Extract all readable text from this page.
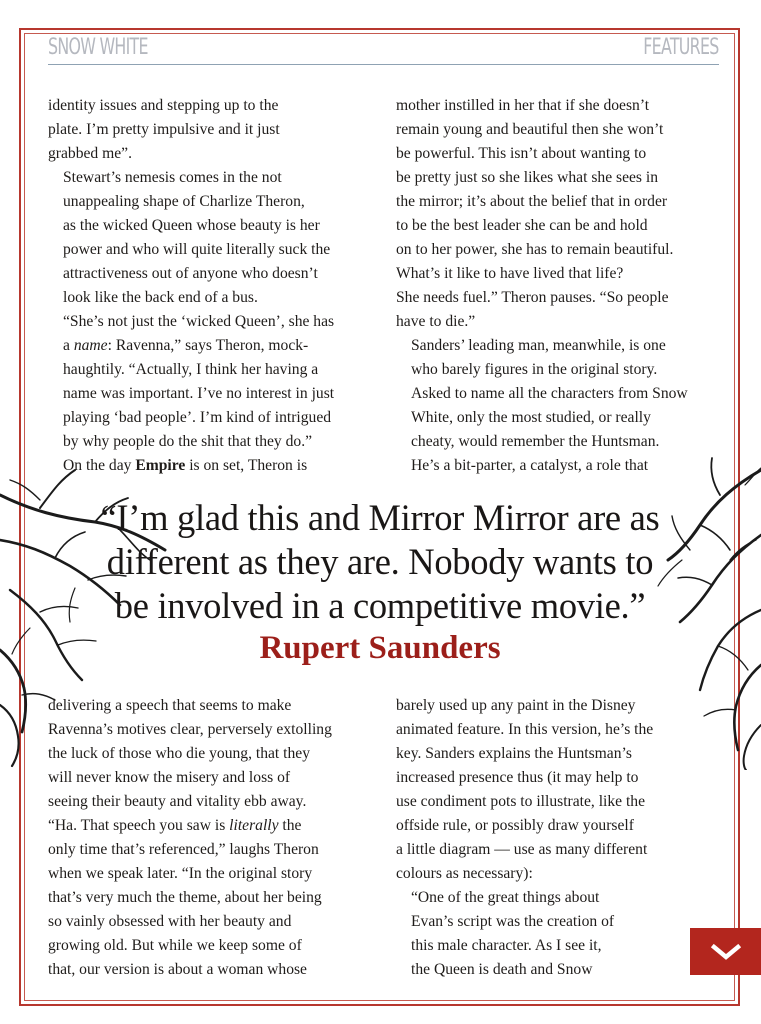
SNOW WHITE	FEATURES

identity issues and stepping up to the
plate. I’m pretty impulsive and it just
grabbed me”.

Stewart’s nemesis comes in the not
unappealing shape of Charlize Theron,
as the wicked Queen whose beauty is her
power and who will quite literally suck the
attractiveness out of anyone who doesn’t
look like the back end of a bus.

“She’s not just the ‘wicked Queen’, she has
a name: Ravenna,” says Theron, mock-
haughtily. “Actually, I think her having a
name was important. I’ve no interest in just
playing ‘bad people’. I’m kind of intrigued
by why people do the shit that they do.”

On the day Empire is on set, Theron is

mother instilled in her that if she doesn’t
remain young and beautiful then she won’t
be powerful. This isn’t about wanting to
be pretty just so she likes what she sees in
the mirror; it’s about the belief that in order
to be the best leader she can be and hold
on to her power, she has to remain beautiful.
What’s it like to have lived that life?
She needs fuel.” Theron pauses. “So people
have to die.”

Sanders’ leading man, meanwhile, is one
who barely figures in the original story.
Asked to name all the characters from Snow
White, only the most studied, or really
cheaty, would remember the Huntsman.
He’s a bit-parter, a catalyst, a role that

“I’m glad this and Mirror Mirror are as
different as they are. Nobody wants to
be involved in a competitive movie.”
Rupert Saunders

delivering a speech that seems to make
Ravenna’s motives clear, perversely extolling
the luck of those who die young, that they
will never know the misery and loss of
seeing their beauty and vitality ebb away.
“Ha. That speech you saw is literally the
only time that’s referenced,” laughs Theron
when we speak later. “In the original story
that’s very much the theme, about her being
so vainly obsessed with her beauty and
growing old. But while we keep some of
that, our version is about a woman whose

barely used up any paint in the Disney
animated feature. In this version, he’s the
key. Sanders explains the Huntsman’s
increased presence thus (it may help to
use condiment pots to illustrate, like the
offside rule, or possibly draw yourself
a little diagram — use as many different
colours as necessary):

“One of the great things about
Evan’s script was the creation of
this male character. As I see it,
the Queen is death and Snow
